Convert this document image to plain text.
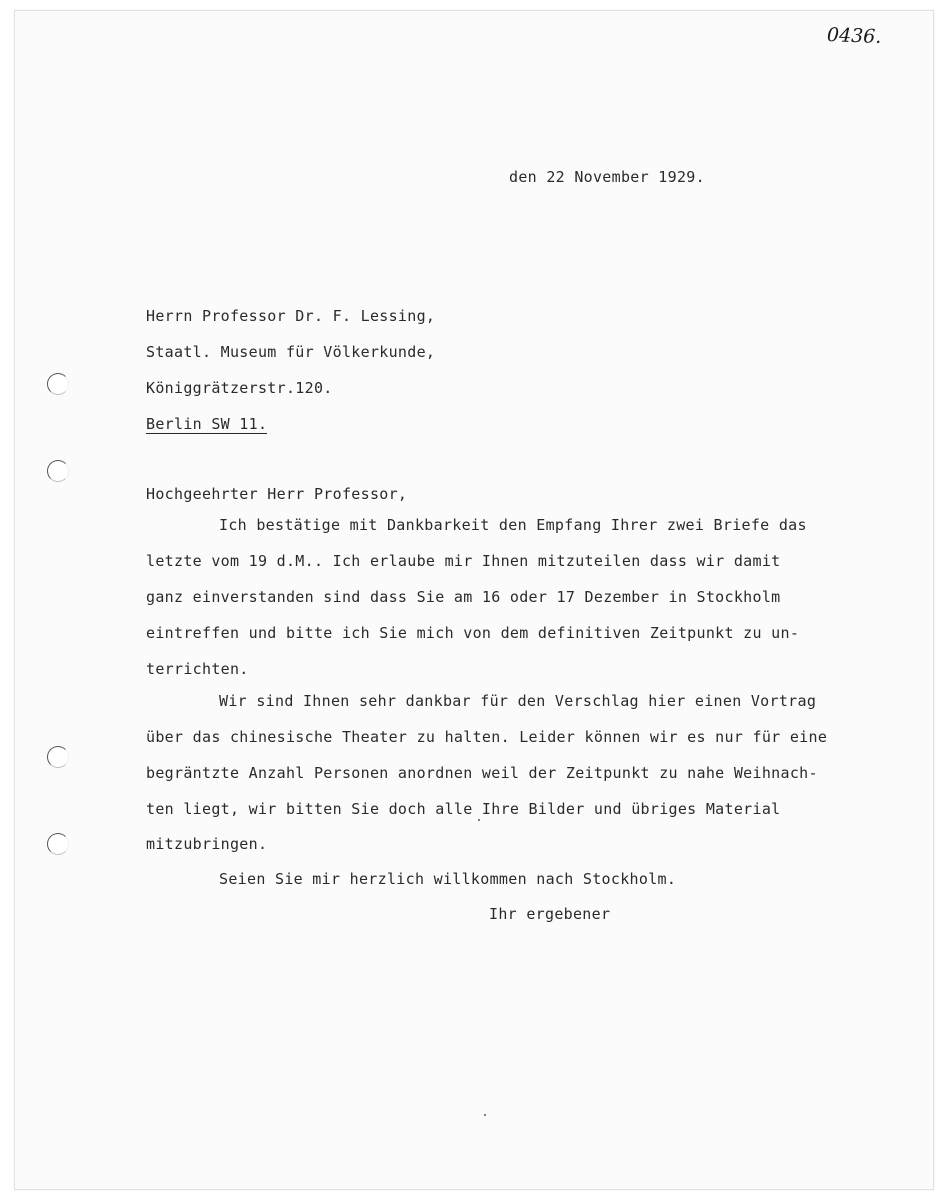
0436.
den 22 November 1929.
Herrn Professor Dr. F. Lessing,
Staatl. Museum für Völkerkunde,
Königgrätzerstr.120.
Berlin SW 11.
Hochgeehrter Herr Professor,
Ich bestätige mit Dankbarkeit den Empfang Ihrer zwei Briefe das
letzte vom 19 d.M.. Ich erlaube mir Ihnen mitzuteilen dass wir damit
ganz einverstanden sind dass Sie am 16 oder 17 Dezember in Stockholm
eintreffen und bitte ich Sie mich von dem definitiven Zeitpunkt zu un-
terrichten.
Wir sind Ihnen sehr dankbar für den Verschlag hier einen Vortrag
über das chinesische Theater zu halten. Leider können wir es nur für eine
begräntzte Anzahl Personen anordnen weil der Zeitpunkt zu nahe Weihnach-
ten liegt, wir bitten Sie doch alle Ihre Bilder und übriges Material
mitzubringen.
Seien Sie mir herzlich willkommen nach Stockholm.
Ihr ergebener
